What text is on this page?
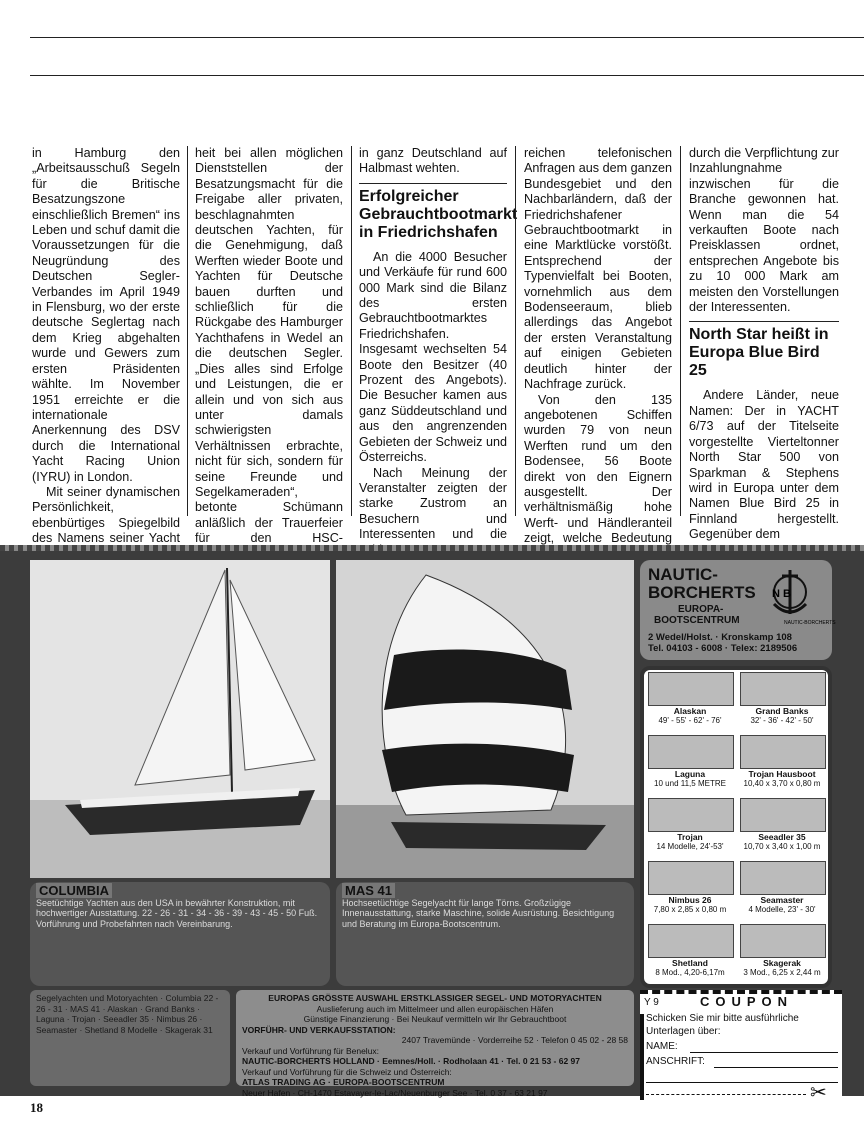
in Hamburg den „Arbeitsausschuß Segeln für die Britische Besatzungszone einschließlich Bremen“ ins Leben und schuf damit die Voraussetzungen für die Neugründung des Deutschen Segler-Verbandes im April 1949 in Flensburg, wo der erste deutsche Seglertag nach dem Krieg abgehalten wurde und Gewers zum ersten Präsidenten wählte. Im November 1951 erreichte er die internationale Anerkennung des DSV durch die International Yacht Racing Union (IYRU) in London.

Mit seiner dynamischen Persönlichkeit, ebenbürtiges Spiegelbild des Namens seiner Yacht

heit bei allen möglichen Dienststellen der Besatzungsmacht für die Freigabe aller privaten, beschlagnahmten deutschen Yachten, für die Genehmigung, daß Werften wieder Boote und Yachten für Deutsche bauen durften und schließlich für die Rückgabe des Hamburger Yachthafens in Wedel an die deutschen Segler. „Dies alles sind Erfolge und Leistungen, die er allein und von sich aus unter damals schwierigsten Verhältnissen erbrachte, nicht für sich, sondern für seine Freunde und Segelkameraden“, betonte Schümann anläßlich der Trauerfeier für den HSC-

in ganz Deutschland auf Halbmast wehten.

Erfolgreicher Gebrauchtbootmarkt in Friedrichshafen

An die 4000 Besucher und Verkäufe für rund 600 000 Mark sind die Bilanz des ersten Gebrauchtbootmarktes Friedrichshafen. Insgesamt wechselten 54 Boote den Besitzer (40 Prozent des Angebots). Die Besucher kamen aus ganz Süddeutschland und aus den angrenzenden Gebieten der Schweiz und Österreichs.

Nach Meinung der Veranstalter zeigten der starke Zustrom an Besuchern und Interessenten und die

reichen telefonischen Anfragen aus dem ganzen Bundesgebiet und den Nachbarländern, daß der Friedrichshafener Gebrauchtbootmarkt in eine Marktlücke vorstößt. Entsprechend der Typenvielfalt bei Booten, vornehmlich aus dem Bodenseeraum, blieb allerdings das Angebot der ersten Veranstaltung auf einigen Gebieten deutlich hinter der Nachfrage zurück.

Von den 135 angebotenen Schiffen wurden 79 von neun Werften rund um den Bodensee, 56 Boote direkt von den Eignern ausgestellt. Der verhältnismäßig hohe Werft- und Händleranteil zeigt, welche Bedeutung

durch die Verpflichtung zur Inzahlungnahme inzwischen für die Branche gewonnen hat. Wenn man die 54 verkauften Boote nach Preisklassen ordnet, entsprechen Angebote bis zu 10 000 Mark am meisten den Vorstellungen der Interessenten.

North Star heißt in Europa Blue Bird 25

Andere Länder, neue Namen: Der in YACHT 6/73 auf der Titelseite vorgestellte Vierteltonner North Star 500 von Sparkman & Stephens wird in Europa unter dem Namen Blue Bird 25 in Finnland hergestellt. Gegenüber dem

COLUMBIA
Seetüchtige Yachten aus den USA in bewährter Konstruktion, mit hochwertiger Ausstattung. 22 - 26 - 31 - 34 - 36 - 39 - 43 - 45 - 50 Fuß. Vorführung und Probefahrten nach Vereinbarung.
MAS 41
Hochseetüchtige Segelyacht für lange Törns. Großzügige Innenausstattung, starke Maschine, solide Ausrüstung. Besichtigung und Beratung im Europa-Bootscentrum.
NAUTIC-
BORCHERTS
EUROPA-
BOOTSCENTRUM
N B
NAUTIC-BORCHERTS
2 Wedel/Holst. · Kronskamp 108
Tel. 04103 - 6008 · Telex: 2189506
Alaskan
49' - 55' - 62' - 76'
Grand Banks
32' - 36' - 42' - 50'
Laguna
10 und 11,5 METRE
Trojan Hausboot
10,40 x 3,70 x 0,80 m
Trojan
14 Modelle, 24'-53'
Seeadler 35
10,70 x 3,40 x 1,00 m
Nimbus 26
7,80 x 2,85 x 0,80 m
Seamaster
4 Modelle, 23' - 30'
Shetland
8 Mod., 4,20-6,17m
Skagerak
3 Mod., 6,25 x 2,44 m
Segelyachten und Motoryachten · Columbia 22 - 26 - 31 · MAS 41 · Alaskan · Grand Banks · Laguna · Trojan · Seeadler 35 · Nimbus 26 · Seamaster · Shetland 8 Modelle · Skagerak 31
EUROPAS GRÖSSTE AUSWAHL ERSTKLASSIGER SEGEL- UND MOTORYACHTEN
Auslieferung auch im Mittelmeer und allen europäischen Häfen
Günstige Finanzierung · Bei Neukauf vermitteln wir Ihr Gebrauchtboot
VORFÜHR- UND VERKAUFSSTATION:
2407 Travemünde · Vorderreihe 52 · Telefon 0 45 02 - 28 58
Verkauf und Vorführung für Benelux:
NAUTIC-BORCHERTS HOLLAND · Eemnes/Holl. · Rodholaan 41 · Tel. 0 21 53 - 62 97
Verkauf und Vorführung für die Schweiz und Österreich:
ATLAS TRADING AG · EUROPA-BOOTSCENTRUM
Neuer Hafen · CH-1470 Estavayer-le-Lac/Neuenburger See · Tel. 0 37 - 63 21 97
Y 9	COUPON
Schicken Sie mir bitte ausführliche
Unterlagen über:
NAME:
ANSCHRIFT:
✂
18
